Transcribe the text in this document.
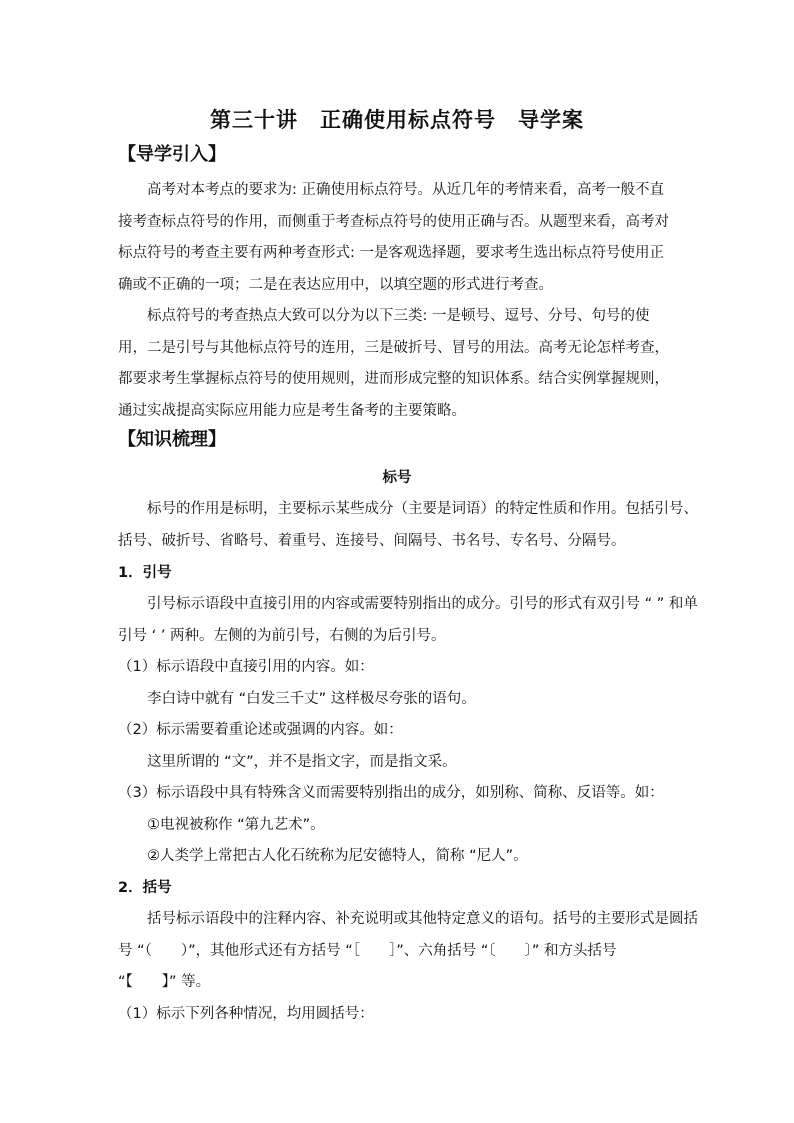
第三十讲　正确使用标点符号　导学案
【导学引入】

高考对本考点的要求为: 正确使用标点符号。从近几年的考情来看，高考一般不直接考查标点符号的作用，而侧重于考查标点符号的使用正确与否。从题型来看，高考对标点符号的考查主要有两种考查形式: 一是客观选择题，要求考生选出标点符号使用正确或不正确的一项；二是在表达应用中，以填空题的形式进行考查。

标点符号的考查热点大致可以分为以下三类: 一是顿号、逗号、分号、句号的使用，二是引号与其他标点符号的连用，三是破折号、冒号的用法。高考无论怎样考查，都要求考生掌握标点符号的使用规则，进而形成完整的知识体系。结合实例掌握规则，通过实战提高实际应用能力应是考生备考的主要策略。

【知识梳理】
标号
标号的作用是标明，主要标示某些成分（主要是词语）的特定性质和作用。包括引号、
括号、破折号、省略号、着重号、连接号、间隔号、书名号、专名号、分隔号。
1．引号
引号标示语段中直接引用的内容或需要特别指出的成分。引号的形式有双引号 “ ” 和单
引号 ‘ ’ 两种。左侧的为前引号，右侧的为后引号。
（1）标示语段中直接引用的内容。如：
李白诗中就有 “白发三千丈” 这样极尽夸张的语句。
（2）标示需要着重论述或强调的内容。如：
这里所谓的 “文”，并不是指文字，而是指文采。
（3）标示语段中具有特殊含义而需要特别指出的成分，如别称、简称、反语等。如：
①电视被称作 “第九艺术”。
②人类学上常把古人化石统称为尼安德特人，简称 “尼人”。
2．括号
括号标示语段中的注释内容、补充说明或其他特定意义的语句。括号的主要形式是圆括
号 “（　　）”，其他形式还有方括号 “［　　］”、六角括号 “〔　　〕” 和方头括号
“【　　】” 等。
（1）标示下列各种情况，均用圆括号：
